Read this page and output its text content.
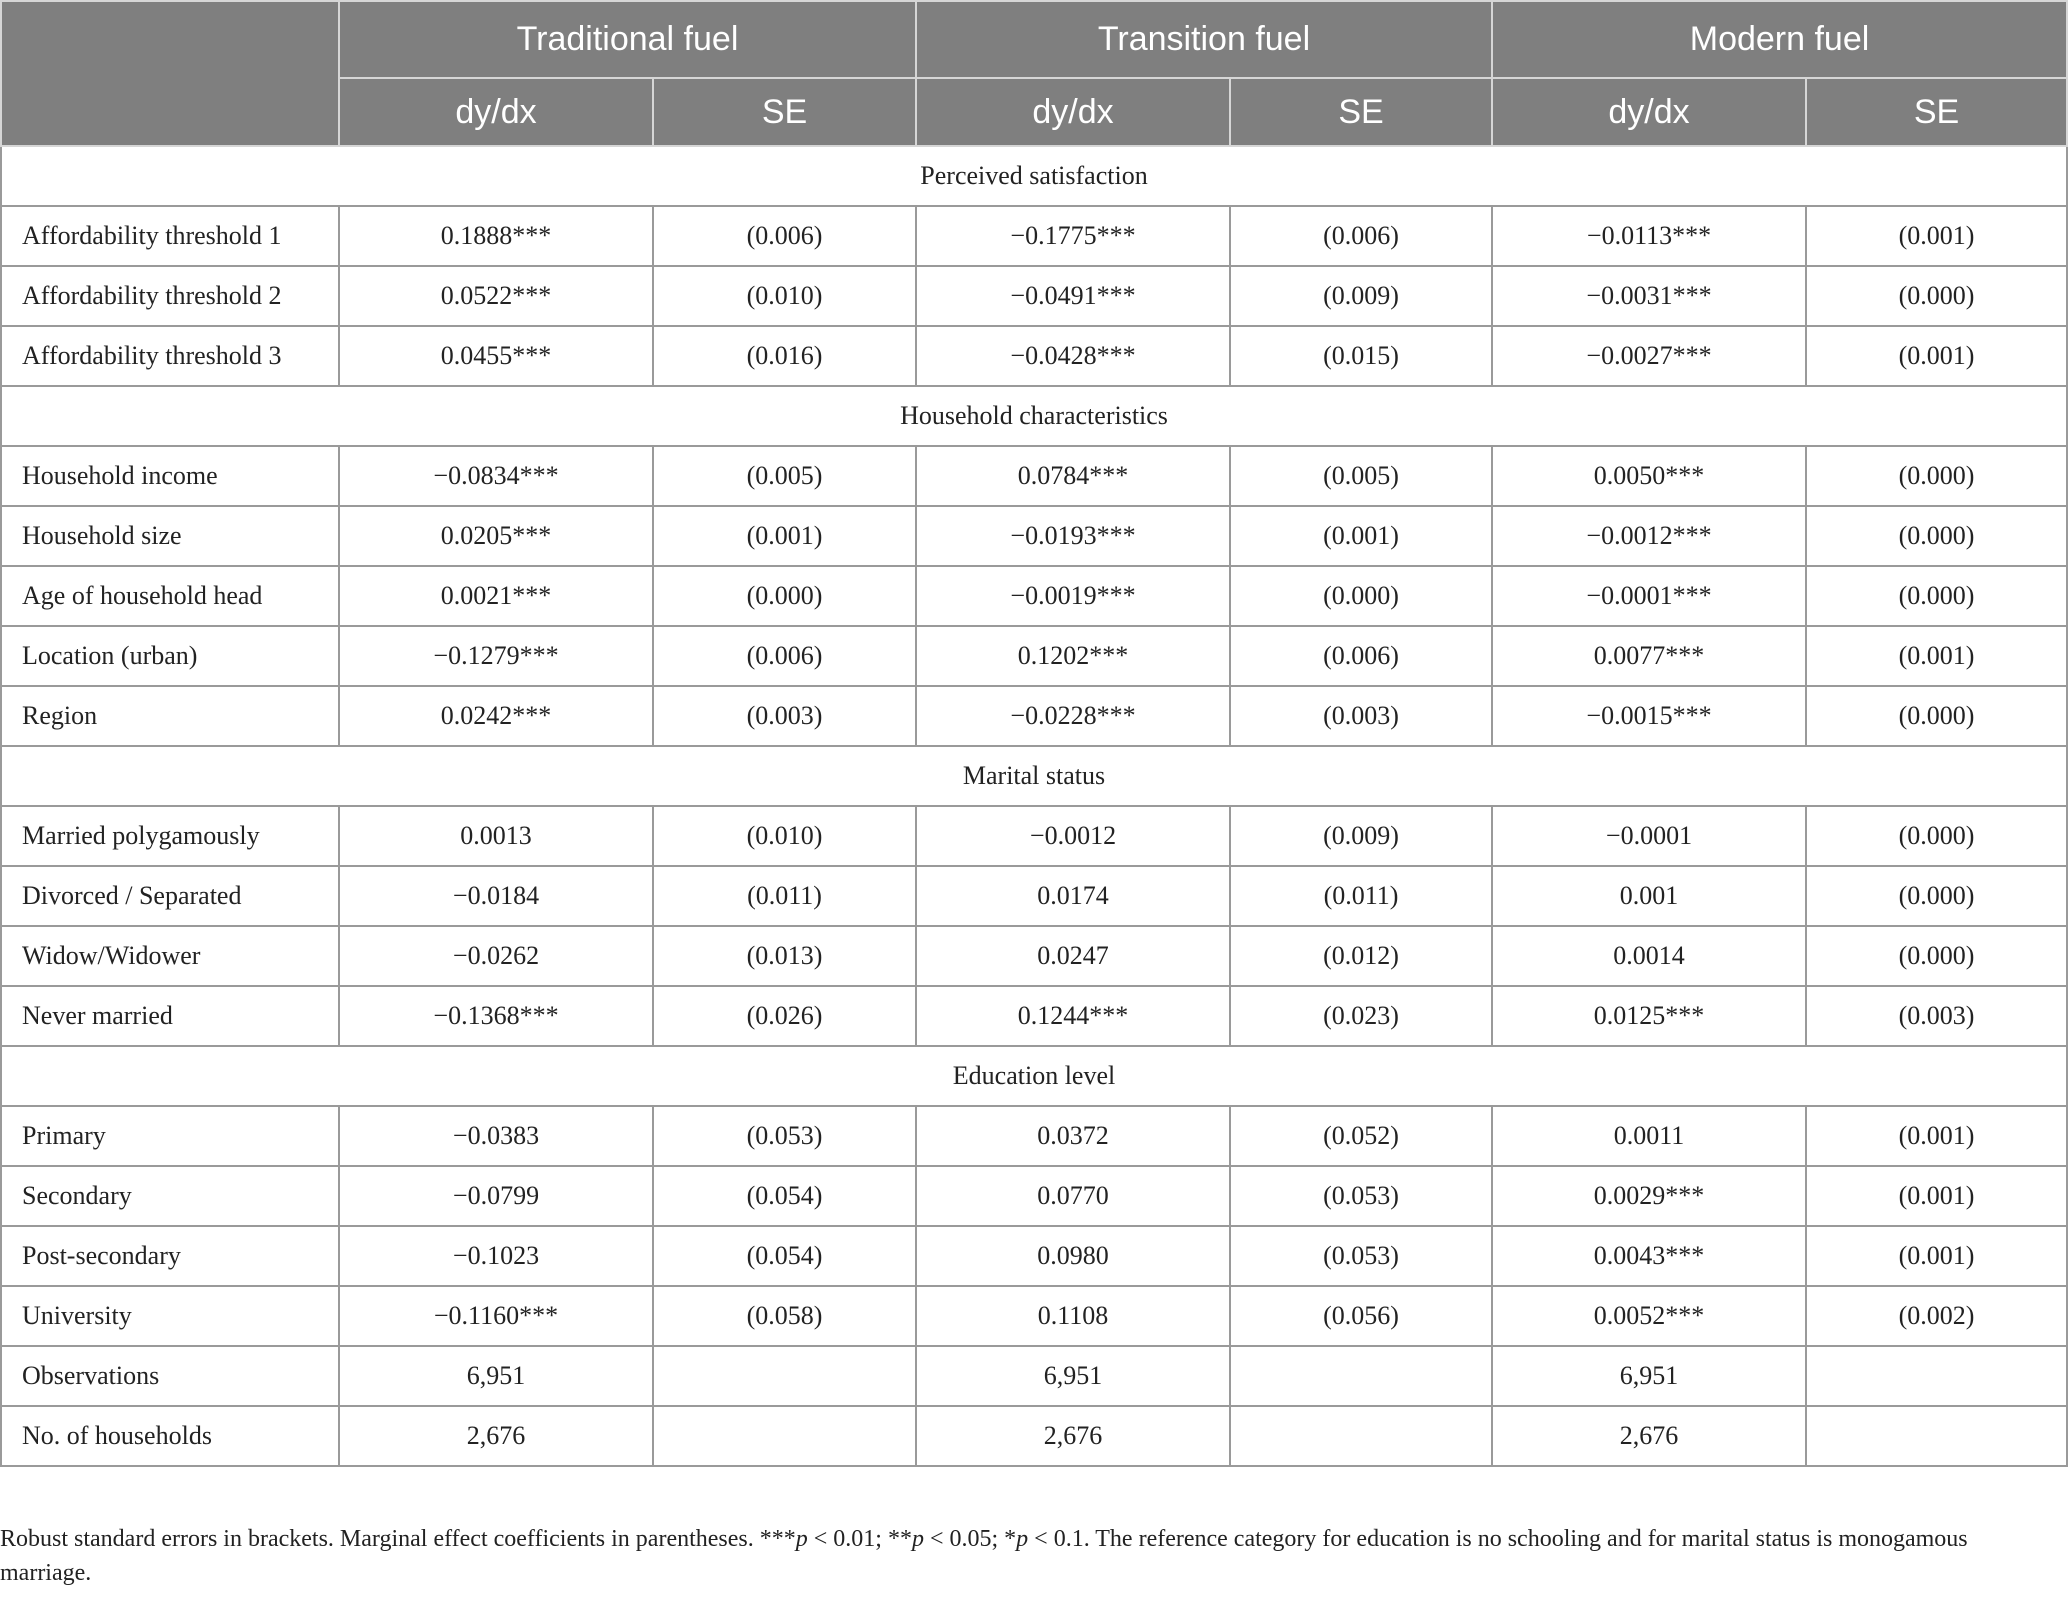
	Traditional fuel		Transition fuel		Modern fuel	
	dy/dx	SE	dy/dx	SE	dy/dx	SE
Perceived satisfaction						
Affordability threshold 1	0.1888***	(0.006)	−0.1775***	(0.006)	−0.0113***	(0.001)
Affordability threshold 2	0.0522***	(0.010)	−0.0491***	(0.009)	−0.0031***	(0.000)
Affordability threshold 3	0.0455***	(0.016)	−0.0428***	(0.015)	−0.0027***	(0.001)
Household characteristics						
Household income	−0.0834***	(0.005)	0.0784***	(0.005)	0.0050***	(0.000)
Household size	0.0205***	(0.001)	−0.0193***	(0.001)	−0.0012***	(0.000)
Age of household head	0.0021***	(0.000)	−0.0019***	(0.000)	−0.0001***	(0.000)
Location (urban)	−0.1279***	(0.006)	0.1202***	(0.006)	0.0077***	(0.001)
Region	0.0242***	(0.003)	−0.0228***	(0.003)	−0.0015***	(0.000)
Marital status						
Married polygamously	0.0013	(0.010)	−0.0012	(0.009)	−0.0001	(0.000)
Divorced / Separated	−0.0184	(0.011)	0.0174	(0.011)	0.001	(0.000)
Widow/Widower	−0.0262	(0.013)	0.0247	(0.012)	0.0014	(0.000)
Never married	−0.1368***	(0.026)	0.1244***	(0.023)	0.0125***	(0.003)
Education level						
Primary	−0.0383	(0.053)	0.0372	(0.052)	0.0011	(0.001)
Secondary	−0.0799	(0.054)	0.0770	(0.053)	0.0029***	(0.001)
Post-secondary	−0.1023	(0.054)	0.0980	(0.053)	0.0043***	(0.001)
University	−0.1160***	(0.058)	0.1108	(0.056)	0.0052***	(0.002)
Observations	6,951		6,951		6,951	
No. of households	2,676		2,676		2,676	
Robust standard errors in brackets. Marginal effect coefficients in parentheses. ***p < 0.01; **p < 0.05; *p < 0.1. The reference category for education is no schooling and for marital status is monogamous marriage.
